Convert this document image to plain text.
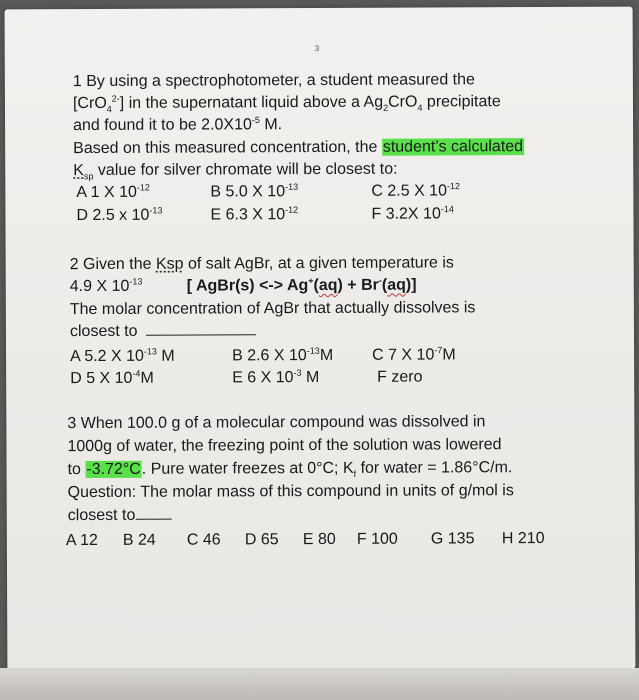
3
1 By using a spectrophotometer, a student measured the
[CrO$_4^{2-}$] in the supernatant liquid above a $Ag_2CrO_4$ precipitate
and found it to be $2.0X10^{-5}$ M.
Based on this measured concentration, the student’s calculated
$K_{sp}$ value for silver chromate will be closest to:
A 1 X $10^{-12}$	B 5.0 X $10^{-13}$	C 2.5 X $10^{-12}$
D 2.5 x $10^{-13}$	E 6.3 X $10^{-12}$	F 3.2X $10^{-14}$
2 Given the Ksp of salt AgBr, at a given temperature is
4.9 X $10^{-13}$	[ AgBr(s) <-> Ag+(aq) + Br-(aq)]
The molar concentration of AgBr that actually dissolves is
closest to
A 5.2 X $10^{-13}$ M	B 2.6 X $10^{-13}M$ C 7 X $10^{-7}M$
D 5 X $10^{-4}M$	E 6 X $10^{-3}$ M	F zero
3 When 100.0 g of a molecular compound was dissolved in
1000g of water, the freezing point of the solution was lowered
to -3.72°C. Pure water freezes at 0°C; $K_f$ for water = 1.86°C/m.
Question: The molar mass of this compound in units of g/mol is
closest to
A 12 B 24 C 46 D 65 E 80 F 100 G 135 H 210
